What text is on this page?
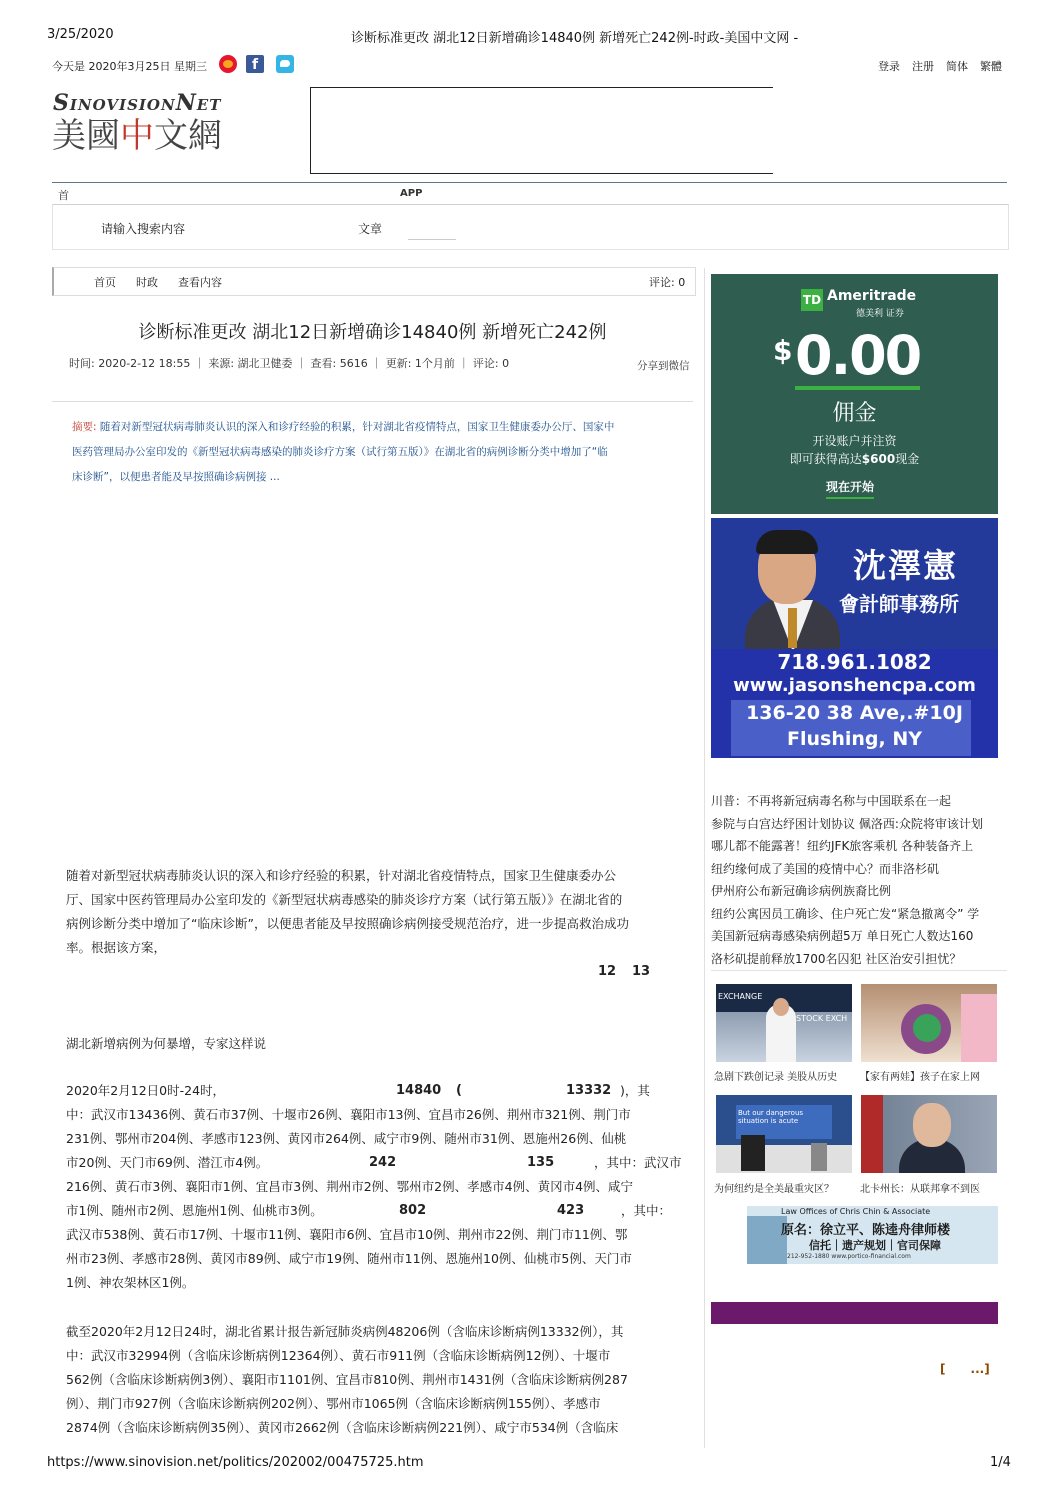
3/25/2020	诊断标准更改 湖北12日新增确诊14840例 新增死亡242例-时政-美国中文网 -
今天是 2020年3月25日 星期三	f	登录 注册 简体 繁體
SinovisionNet
美國中文網
首	APP
请输入搜索内容	文章
首页 时政 查看内容	评论: 0
诊断标准更改 湖北12日新增确诊14840例 新增死亡242例
时间: 2020-2-12 18:55 ｜ 来源: 湖北卫健委 ｜ 查看: 5616 ｜ 更新: 1个月前 ｜ 评论: 0	分享到微信
摘要: 随着对新型冠状病毒肺炎认识的深入和诊疗经验的积累，针对湖北省疫情特点，国家卫生健康委办公厅、国家中
医药管理局办公室印发的《新型冠状病毒感染的肺炎诊疗方案（试行第五版）》在湖北省的病例诊断分类中增加了“临
床诊断”，以便患者能及早按照确诊病例接 ...
随着对新型冠状病毒肺炎认识的深入和诊疗经验的积累，针对湖北省疫情特点，国家卫生健康委办公
厅、国家中医药管理局办公室印发的《新型冠状病毒感染的肺炎诊疗方案（试行第五版）》在湖北省的
病例诊断分类中增加了“临床诊断”，以便患者能及早按照确诊病例接受规范治疗，进一步提高救治成功
率。根据该方案，
12 13
湖北新增病例为何暴增，专家这样说
2020年2月12日0时-24时，	14840 (	13332 )，其
中：武汉市13436例、黄石市37例、十堰市26例、襄阳市13例、宜昌市26例、荆州市321例、荆门市
231例、鄂州市204例、孝感市123例、黄冈市264例、咸宁市9例、随州市31例、恩施州26例、仙桃
市20例、天门市69例、潜江市4例。	242	135	，其中：武汉市
216例、黄石市3例、襄阳市1例、宜昌市3例、荆州市2例、鄂州市2例、孝感市4例、黄冈市4例、咸宁
市1例、随州市2例、恩施州1例、仙桃市3例。	802	423	，其中：
武汉市538例、黄石市17例、十堰市11例、襄阳市6例、宜昌市10例、荆州市22例、荆门市11例、鄂
州市23例、孝感市28例、黄冈市89例、咸宁市19例、随州市11例、恩施州10例、仙桃市5例、天门市
1例、神农架林区1例。
截至2020年2月12日24时，湖北省累计报告新冠肺炎病例48206例（含临床诊断病例13332例），其
中：武汉市32994例（含临床诊断病例12364例）、黄石市911例（含临床诊断病例12例）、十堰市
562例（含临床诊断病例3例）、襄阳市1101例、宜昌市810例、荆州市1431例（含临床诊断病例287
例）、荆门市927例（含临床诊断病例202例）、鄂州市1065例（含临床诊断病例155例）、孝感市
2874例（含临床诊断病例35例）、黄冈市2662例（含临床诊断病例221例）、咸宁市534例（含临床
TD Ameritrade
德美利 证券
$ 0.00
佣金
开设账户并注资
即可获得高达$600现金
现在开始
沈澤憲
會計師事務所
718.961.1082
www.jasonshencpa.com
136-20 38 Ave,.#10J
Flushing, NY
川普：不再将新冠病毒名称与中国联系在一起
参院与白宫达纾困计划协议 佩洛西:众院将审该计划
哪儿都不能露著！纽约JFK旅客乘机 各种装备齐上
纽约缘何成了美国的疫情中心？而非洛杉矶
伊州府公布新冠确诊病例族裔比例
纽约公寓因员工确诊、住户死亡发“紧急撤离令” 学
美国新冠病毒感染病例超5万 单日死亡人数达160
洛杉矶提前释放1700名囚犯 社区治安引担忧？
EXCHANGE
STOCK EXCH
急剧下跌创记录 美股从历史	【家有两娃】孩子在家上网
But our dangerous situation is acute
为何纽约是全美最重灾区？	北卡州长：从联邦拿不到医
Law Offices of Chris Chin & Associate
原名：徐立平、陈逵舟律师楼
信托｜遗产规划｜官司保障
212-952-1880 www.portico-financial.com
[      ...]
https://www.sinovision.net/politics/202002/00475725.htm	1/4
